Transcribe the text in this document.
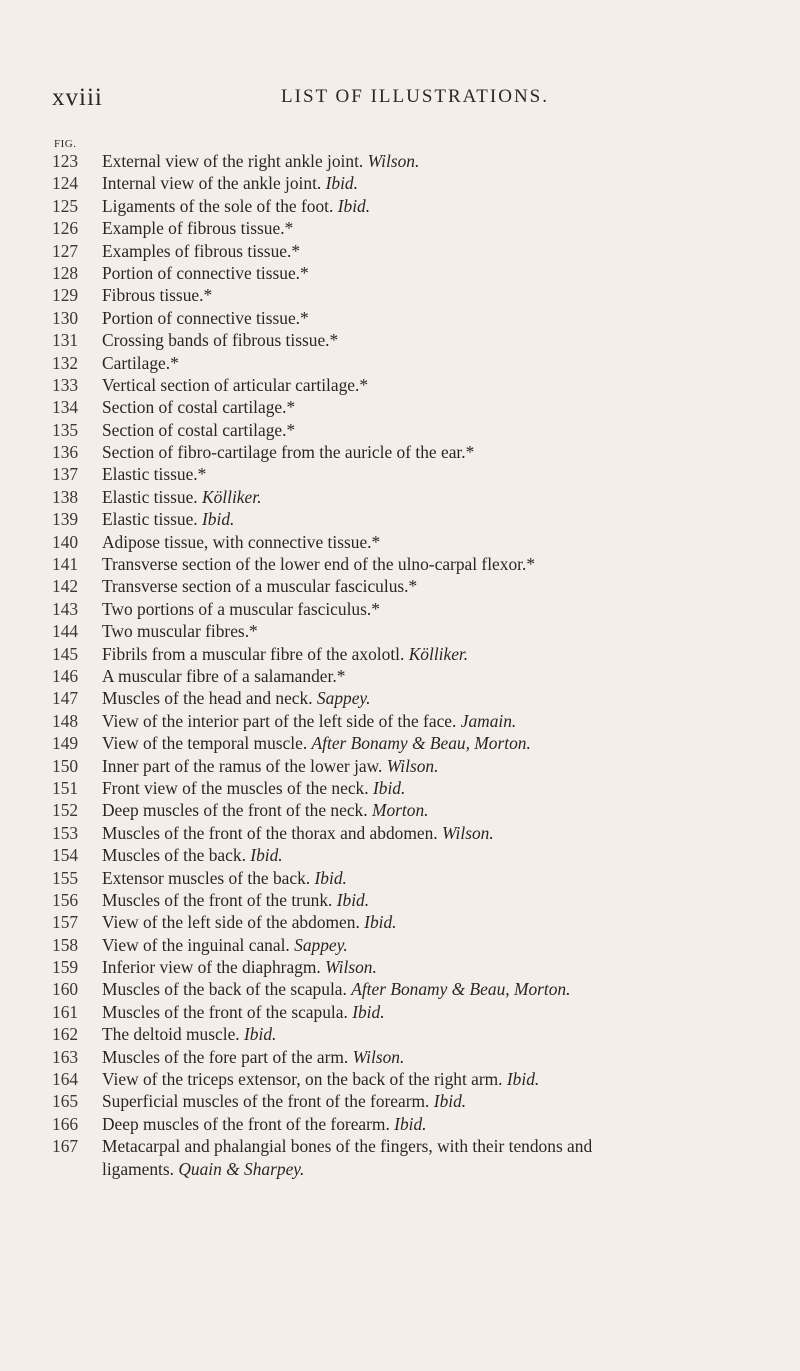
xviii	LIST OF ILLUSTRATIONS.
FIG.
123	External view of the right ankle joint. Wilson.
124	Internal view of the ankle joint. Ibid.
125	Ligaments of the sole of the foot. Ibid.
126	Example of fibrous tissue.*
127	Examples of fibrous tissue.*
128	Portion of connective tissue.*
129	Fibrous tissue.*
130	Portion of connective tissue.*
131	Crossing bands of fibrous tissue.*
132	Cartilage.*
133	Vertical section of articular cartilage.*
134	Section of costal cartilage.*
135	Section of costal cartilage.*
136	Section of fibro-cartilage from the auricle of the ear.*
137	Elastic tissue.*
138	Elastic tissue. Kölliker.
139	Elastic tissue. Ibid.
140	Adipose tissue, with connective tissue.*
141	Transverse section of the lower end of the ulno-carpal flexor.*
142	Transverse section of a muscular fasciculus.*
143	Two portions of a muscular fasciculus.*
144	Two muscular fibres.*
145	Fibrils from a muscular fibre of the axolotl. Kölliker.
146	A muscular fibre of a salamander.*
147	Muscles of the head and neck. Sappey.
148	View of the interior part of the left side of the face. Jamain.
149	View of the temporal muscle. After Bonamy & Beau, Morton.
150	Inner part of the ramus of the lower jaw. Wilson.
151	Front view of the muscles of the neck. Ibid.
152	Deep muscles of the front of the neck. Morton.
153	Muscles of the front of the thorax and abdomen. Wilson.
154	Muscles of the back. Ibid.
155	Extensor muscles of the back. Ibid.
156	Muscles of the front of the trunk. Ibid.
157	View of the left side of the abdomen. Ibid.
158	View of the inguinal canal. Sappey.
159	Inferior view of the diaphragm. Wilson.
160	Muscles of the back of the scapula. After Bonamy & Beau, Morton.
161	Muscles of the front of the scapula. Ibid.
162	The deltoid muscle. Ibid.
163	Muscles of the fore part of the arm. Wilson.
164	View of the triceps extensor, on the back of the right arm. Ibid.
165	Superficial muscles of the front of the forearm. Ibid.
166	Deep muscles of the front of the forearm. Ibid.
167	Metacarpal and phalangial bones of the fingers, with their tendons and
ligaments. Quain & Sharpey.
